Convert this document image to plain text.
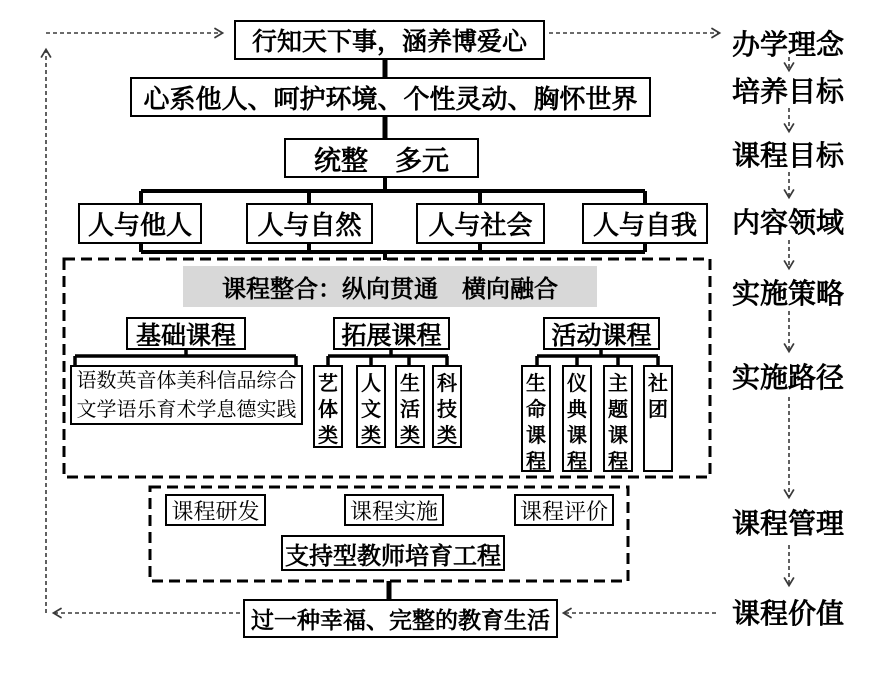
行知天下事，涵养博爱心
心系他人、呵护环境、个性灵动、胸怀世界
统整　多元
人与他人	人与自然	人与社会	人与自我
课程整合：纵向贯通　横向融合
基础课程	拓展课程	活动课程
语数英音体美科信品综合
文学语乐育术学息德实践
艺体类
人文类
生活类
科技类
生命课程
仪典课程
主题课程
社团
课程研发	课程实施	课程评价
支持型教师培育工程
过一种幸福、完整的教育生活
办学理念
培养目标
课程目标
内容领域
实施策略
实施路径
课程管理
课程价值
